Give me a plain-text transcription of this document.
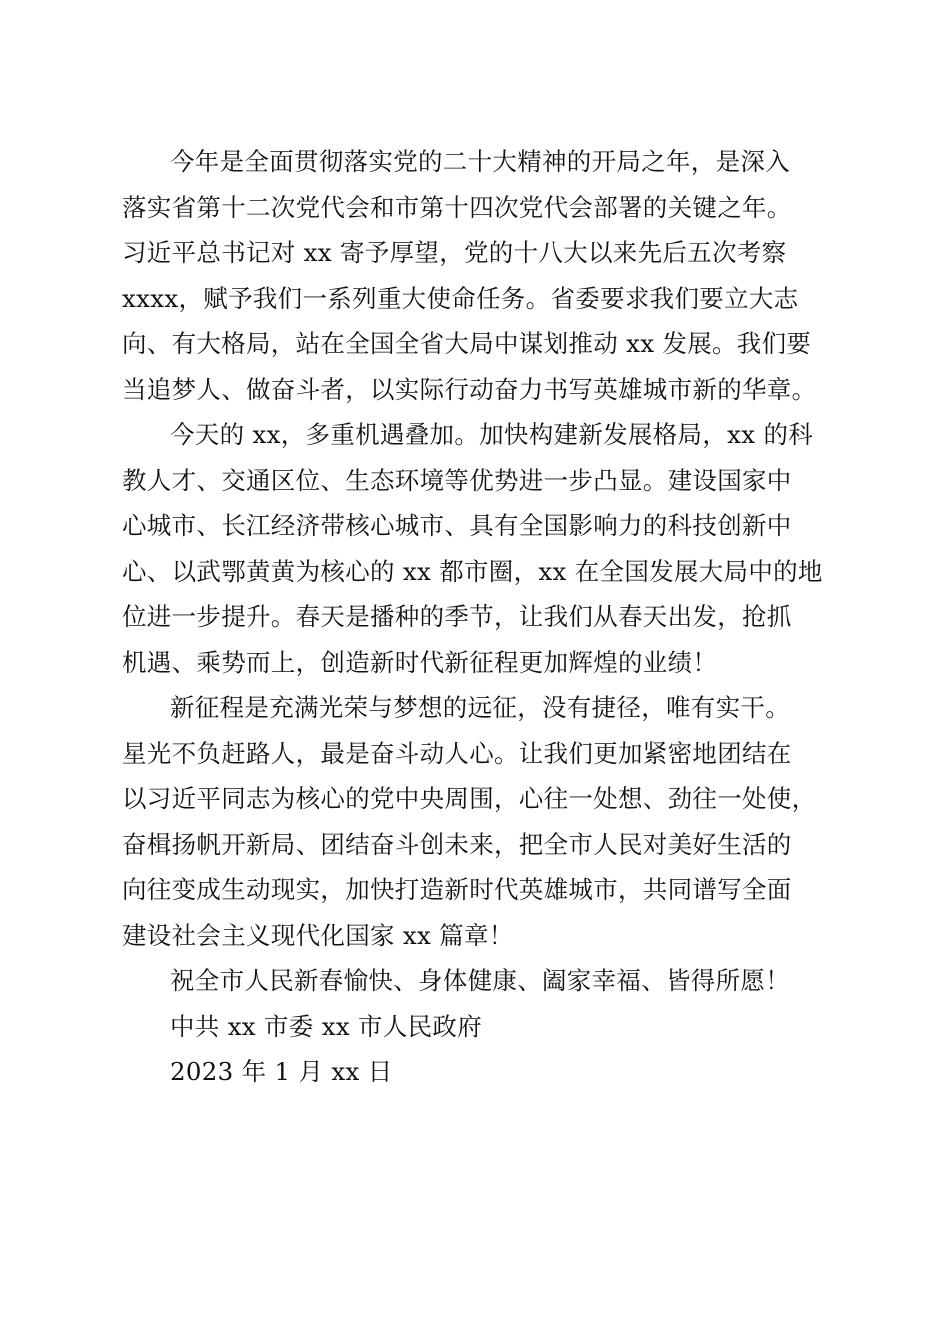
今年是全面贯彻落实党的二十大精神的开局之年，是深入
落实省第十二次党代会和市第十四次党代会部署的关键之年。
习近平总书记对 xx 寄予厚望，党的十八大以来先后五次考察
xxxx，赋予我们一系列重大使命任务。省委要求我们要立大志
向、有大格局，站在全国全省大局中谋划推动 xx 发展。我们要
当追梦人、做奋斗者，以实际行动奋力书写英雄城市新的华章。
今天的 xx，多重机遇叠加。加快构建新发展格局，xx 的科
教人才、交通区位、生态环境等优势进一步凸显。建设国家中
心城市、长江经济带核心城市、具有全国影响力的科技创新中
心、以武鄂黄黄为核心的 xx 都市圈，xx 在全国发展大局中的地
位进一步提升。春天是播种的季节，让我们从春天出发，抢抓
机遇、乘势而上，创造新时代新征程更加辉煌的业绩！
新征程是充满光荣与梦想的远征，没有捷径，唯有实干。
星光不负赶路人，最是奋斗动人心。让我们更加紧密地团结在
以习近平同志为核心的党中央周围，心往一处想、劲往一处使，
奋楫扬帆开新局、团结奋斗创未来，把全市人民对美好生活的
向往变成生动现实，加快打造新时代英雄城市，共同谱写全面
建设社会主义现代化国家 xx 篇章！
祝全市人民新春愉快、身体健康、阖家幸福、皆得所愿！
中共 xx 市委 xx 市人民政府
2023 年 1 月 xx 日
